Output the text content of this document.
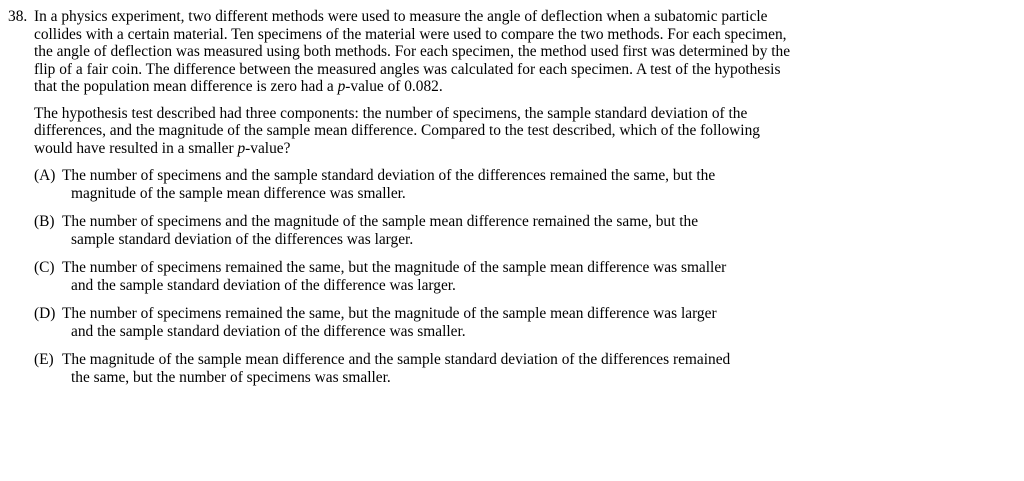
38. In a physics experiment, two different methods were used to measure the angle of deflection when a subatomic particle collides with a certain material. Ten specimens of the material were used to compare the two methods. For each specimen, the angle of deflection was measured using both methods. For each specimen, the method used first was determined by the flip of a fair coin. The difference between the measured angles was calculated for each specimen. A test of the hypothesis that the population mean difference is zero had a p-value of 0.082.

The hypothesis test described had three components: the number of specimens, the sample standard deviation of the differences, and the magnitude of the sample mean difference. Compared to the test described, which of the following would have resulted in a smaller p-value?

(A) The number of specimens and the sample standard deviation of the differences remained the same, but the
magnitude of the sample mean difference was smaller.
(B) The number of specimens and the magnitude of the sample mean difference remained the same, but the
sample standard deviation of the differences was larger.
(C) The number of specimens remained the same, but the magnitude of the sample mean difference was smaller
and the sample standard deviation of the difference was larger.
(D) The number of specimens remained the same, but the magnitude of the sample mean difference was larger
and the sample standard deviation of the difference was smaller.
(E) The magnitude of the sample mean difference and the sample standard deviation of the differences remained
the same, but the number of specimens was smaller.
